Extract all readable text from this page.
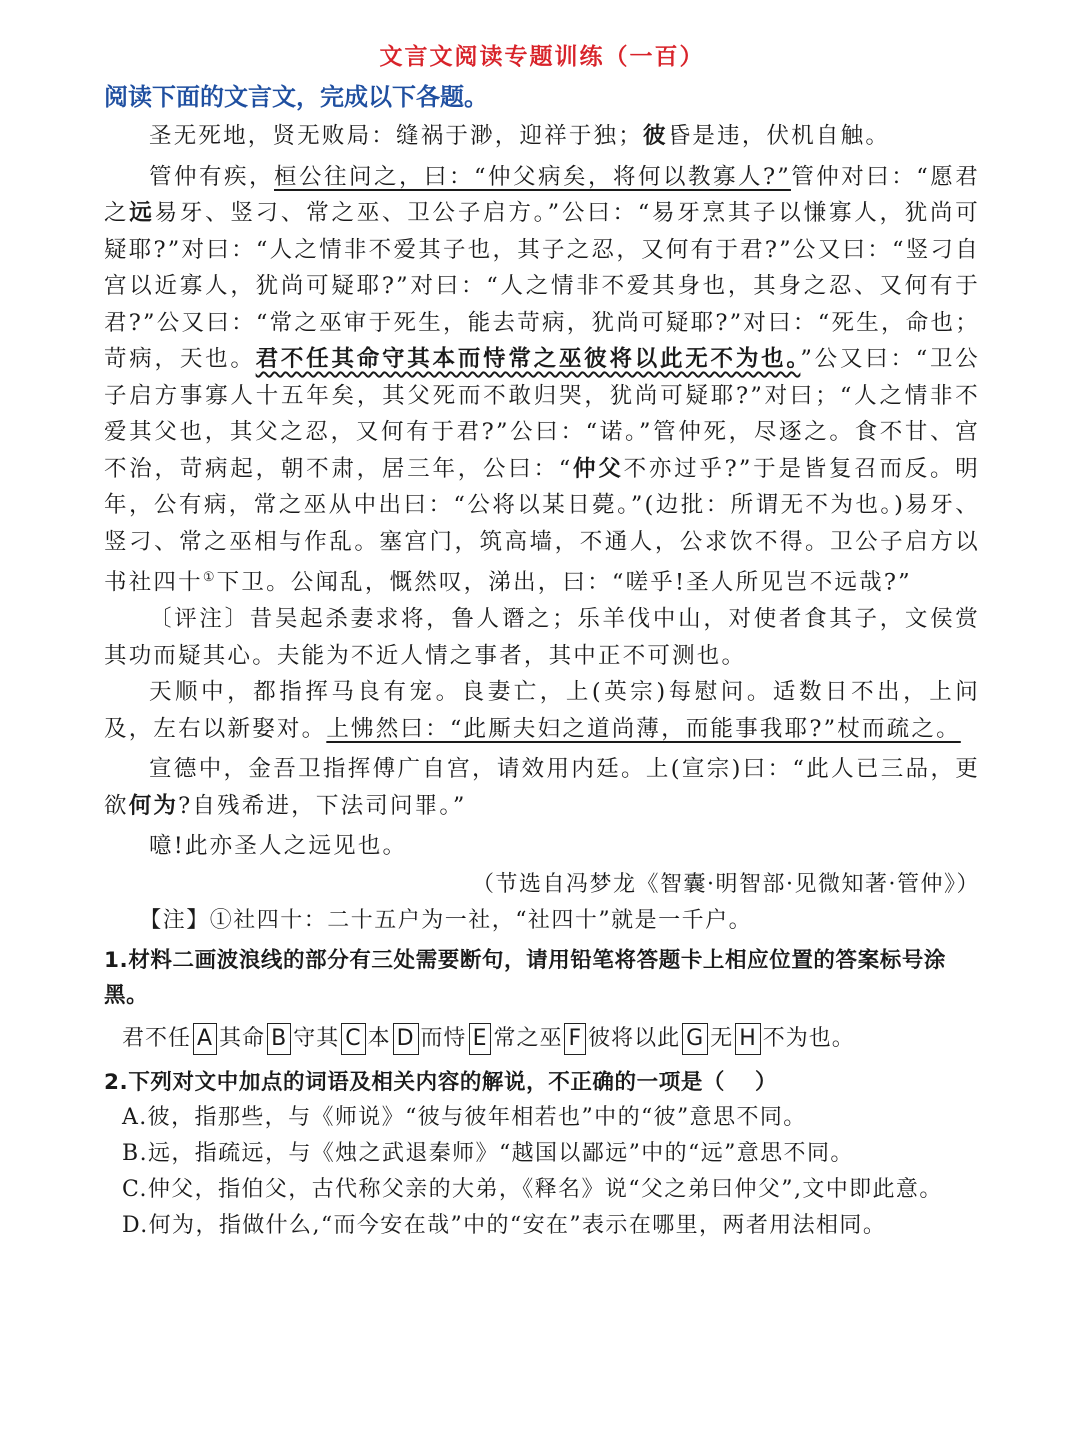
文言文阅读专题训练（一百）
阅读下面的文言文，完成以下各题。

圣无死地，贤无败局：缝祸于渺，迎祥于独；彼昏是违，伏机自触。

管仲有疾，桓公往问之，曰：“仲父病矣，将何以教寡人?”管仲对曰：“愿君之远易牙、竖刁、常之巫、卫公子启方。”公曰：“易牙烹其子以慊寡人，犹尚可疑耶?”对曰：“人之情非不爱其子也，其子之忍，又何有于君?”公又曰：“竖刁自宫以近寡人，犹尚可疑耶?”对曰：“人之情非不爱其身也，其身之忍、又何有于君?”公又曰：“常之巫审于死生，能去苛病，犹尚可疑耶?”对曰：“死生，命也；苛病，天也。君不任其命守其本而恃常之巫彼将以此无不为也。”公又曰：“卫公子启方事寡人十五年矣，其父死而不敢归哭，犹尚可疑耶?”对曰；“人之情非不爱其父也，其父之忍，又何有于君?”公曰：“诺。”管仲死，尽逐之。食不甘、宫不治，苛病起，朝不肃，居三年，公曰：“仲父不亦过乎?”于是皆复召而反。明年，公有病，常之巫从中出曰：“公将以某日薨。”(边批：所谓无不为也。)易牙、竖刁、常之巫相与作乱。塞宫门，筑高墙，不通人，公求饮不得。卫公子启方以书社四十①下卫。公闻乱，慨然叹，涕出，曰：“嗟乎!圣人所见岂不远哉?”

〔评注〕昔吴起杀妻求将，鲁人谮之；乐羊伐中山，对使者食其子，文侯赏其功而疑其心。夫能为不近人情之事者，其中正不可测也。

天顺中，都指挥马良有宠。良妻亡，上(英宗)每慰问。适数日不出，上问及，左右以新娶对。上怫然曰：“此厮夫妇之道尚薄，而能事我耶?”杖而疏之。

宣德中，金吾卫指挥傅广自宫，请效用内廷。上(宣宗)曰：“此人已三品，更欲何为?自残希进，下法司问罪。”

噫!此亦圣人之远见也。

（节选自冯梦龙《智囊·明智部·见微知著·管仲》）

【注】①社四十：二十五户为一社，“社四十”就是一千户。

1.材料二画波浪线的部分有三处需要断句，请用铅笔将答题卡上相应位置的答案标号涂黑。

君不任 A 其命 B 守其 C 本 D 而恃 E 常之巫 F 彼将以此 G 无 H 不为也。

2.下列对文中加点的词语及相关内容的解说，不正确的一项是（ ）

A.彼，指那些，与《师说》“彼与彼年相若也”中的“彼”意思不同。

B.远，指疏远，与《烛之武退秦师》“越国以鄙远”中的“远”意思不同。

C.仲父，指伯父，古代称父亲的大弟，《释名》说“父之弟曰仲父”,文中即此意。

D.何为，指做什么,“而今安在哉”中的“安在”表示在哪里，两者用法相同。
